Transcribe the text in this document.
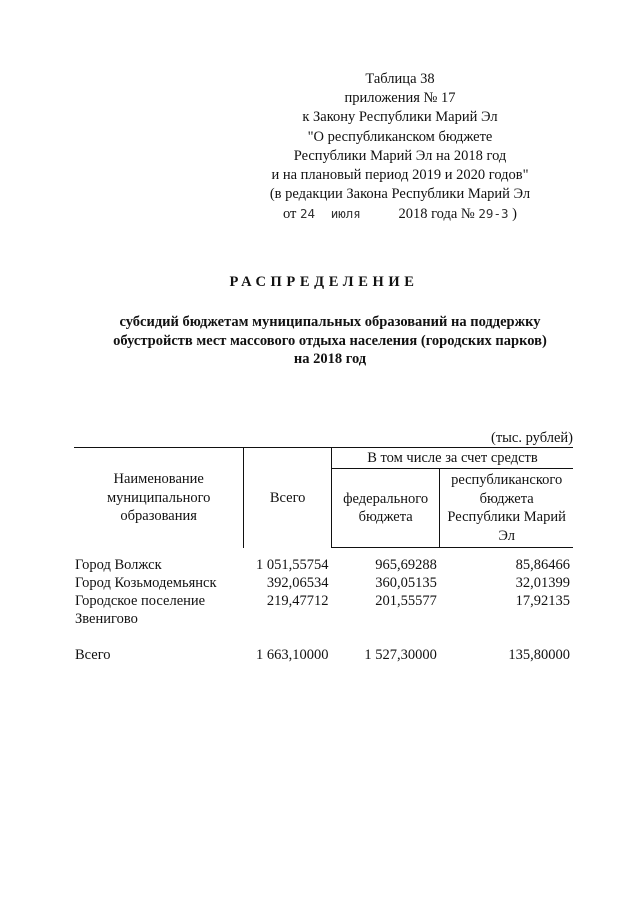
Таблица 38
приложения № 17
к Закону Республики Марий Эл
"О республиканском бюджете
Республики Марий Эл на 2018 год
и на плановый период 2019 и 2020 годов"
(в редакции Закона Республики Марий Эл
от 24 июля	2018 года № 29-З )
РАСПРЕДЕЛЕНИЕ
субсидий бюджетам муниципальных образований на поддержку
обустройств мест массового отдыха населения (городских парков)
на 2018 год
(тыс. рублей)
Наименование муниципального образования	Всего	В том числе за счет средств	
		федерального бюджета	республиканского бюджета Республики Марий Эл

Город Волжск	1 051,55754	965,69288	85,86466
Город Козьмодемьянск	392,06534	360,05135	32,01399
Городское поселение Звенигово	219,47712	201,55577	17,92135

Всего	1 663,10000	1 527,30000	135,80000
